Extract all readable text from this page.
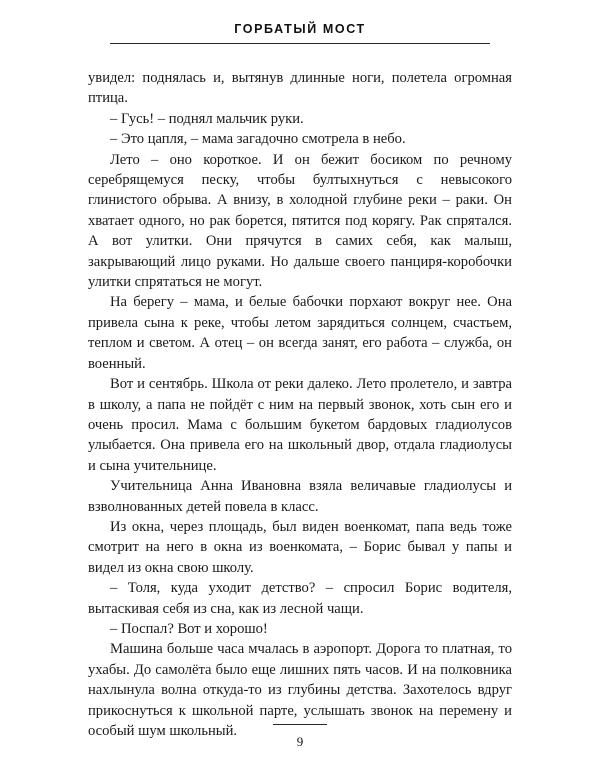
ГОРБАТЫЙ МОСТ

увидел: поднялась и, вытянув длинные ноги, полетела огромная птица.

– Гусь! – поднял мальчик руки.

– Это цапля, – мама загадочно смотрела в небо.

Лето – оно короткое. И он бежит босиком по речному серебрящемуся песку, чтобы бултыхнуться с невысокого глинистого обрыва. А внизу, в холодной глубине реки – раки. Он хватает одного, но рак борется, пятится под корягу. Рак спрятался. А вот улитки. Они прячутся в самих себя, как малыш, закрывающий лицо руками. Но дальше своего панциря-коробочки улитки спрятаться не могут.

На берегу – мама, и белые бабочки порхают вокруг нее. Она привела сына к реке, чтобы летом зарядиться солнцем, счастьем, теплом и светом. А отец – он всегда занят, его работа – служба, он военный.

Вот и сентябрь. Школа от реки далеко. Лето пролетело, и завтра в школу, а папа не пойдёт с ним на первый звонок, хоть сын его и очень просил. Мама с большим букетом бардовых гладиолусов улыбается. Она привела его на школьный двор, отдала гладиолусы и сына учительнице.

Учительница Анна Ивановна взяла величавые гладиолусы и взволнованных детей повела в класс.

Из окна, через площадь, был виден военкомат, папа ведь тоже смотрит на него в окна из военкомата, – Борис бывал у папы и видел из окна свою школу.

– Толя, куда уходит детство? – спросил Борис водителя, вытаскивая себя из сна, как из лесной чащи.

– Поспал? Вот и хорошо!

Машина больше часа мчалась в аэропорт. Дорога то платная, то ухабы. До самолёта было еще лишних пять часов. И на полковника нахлынула волна откуда-то из глубины детства. Захотелось вдруг прикоснуться к школьной парте, услышать звонок на перемену и особый шум школьный.

9
